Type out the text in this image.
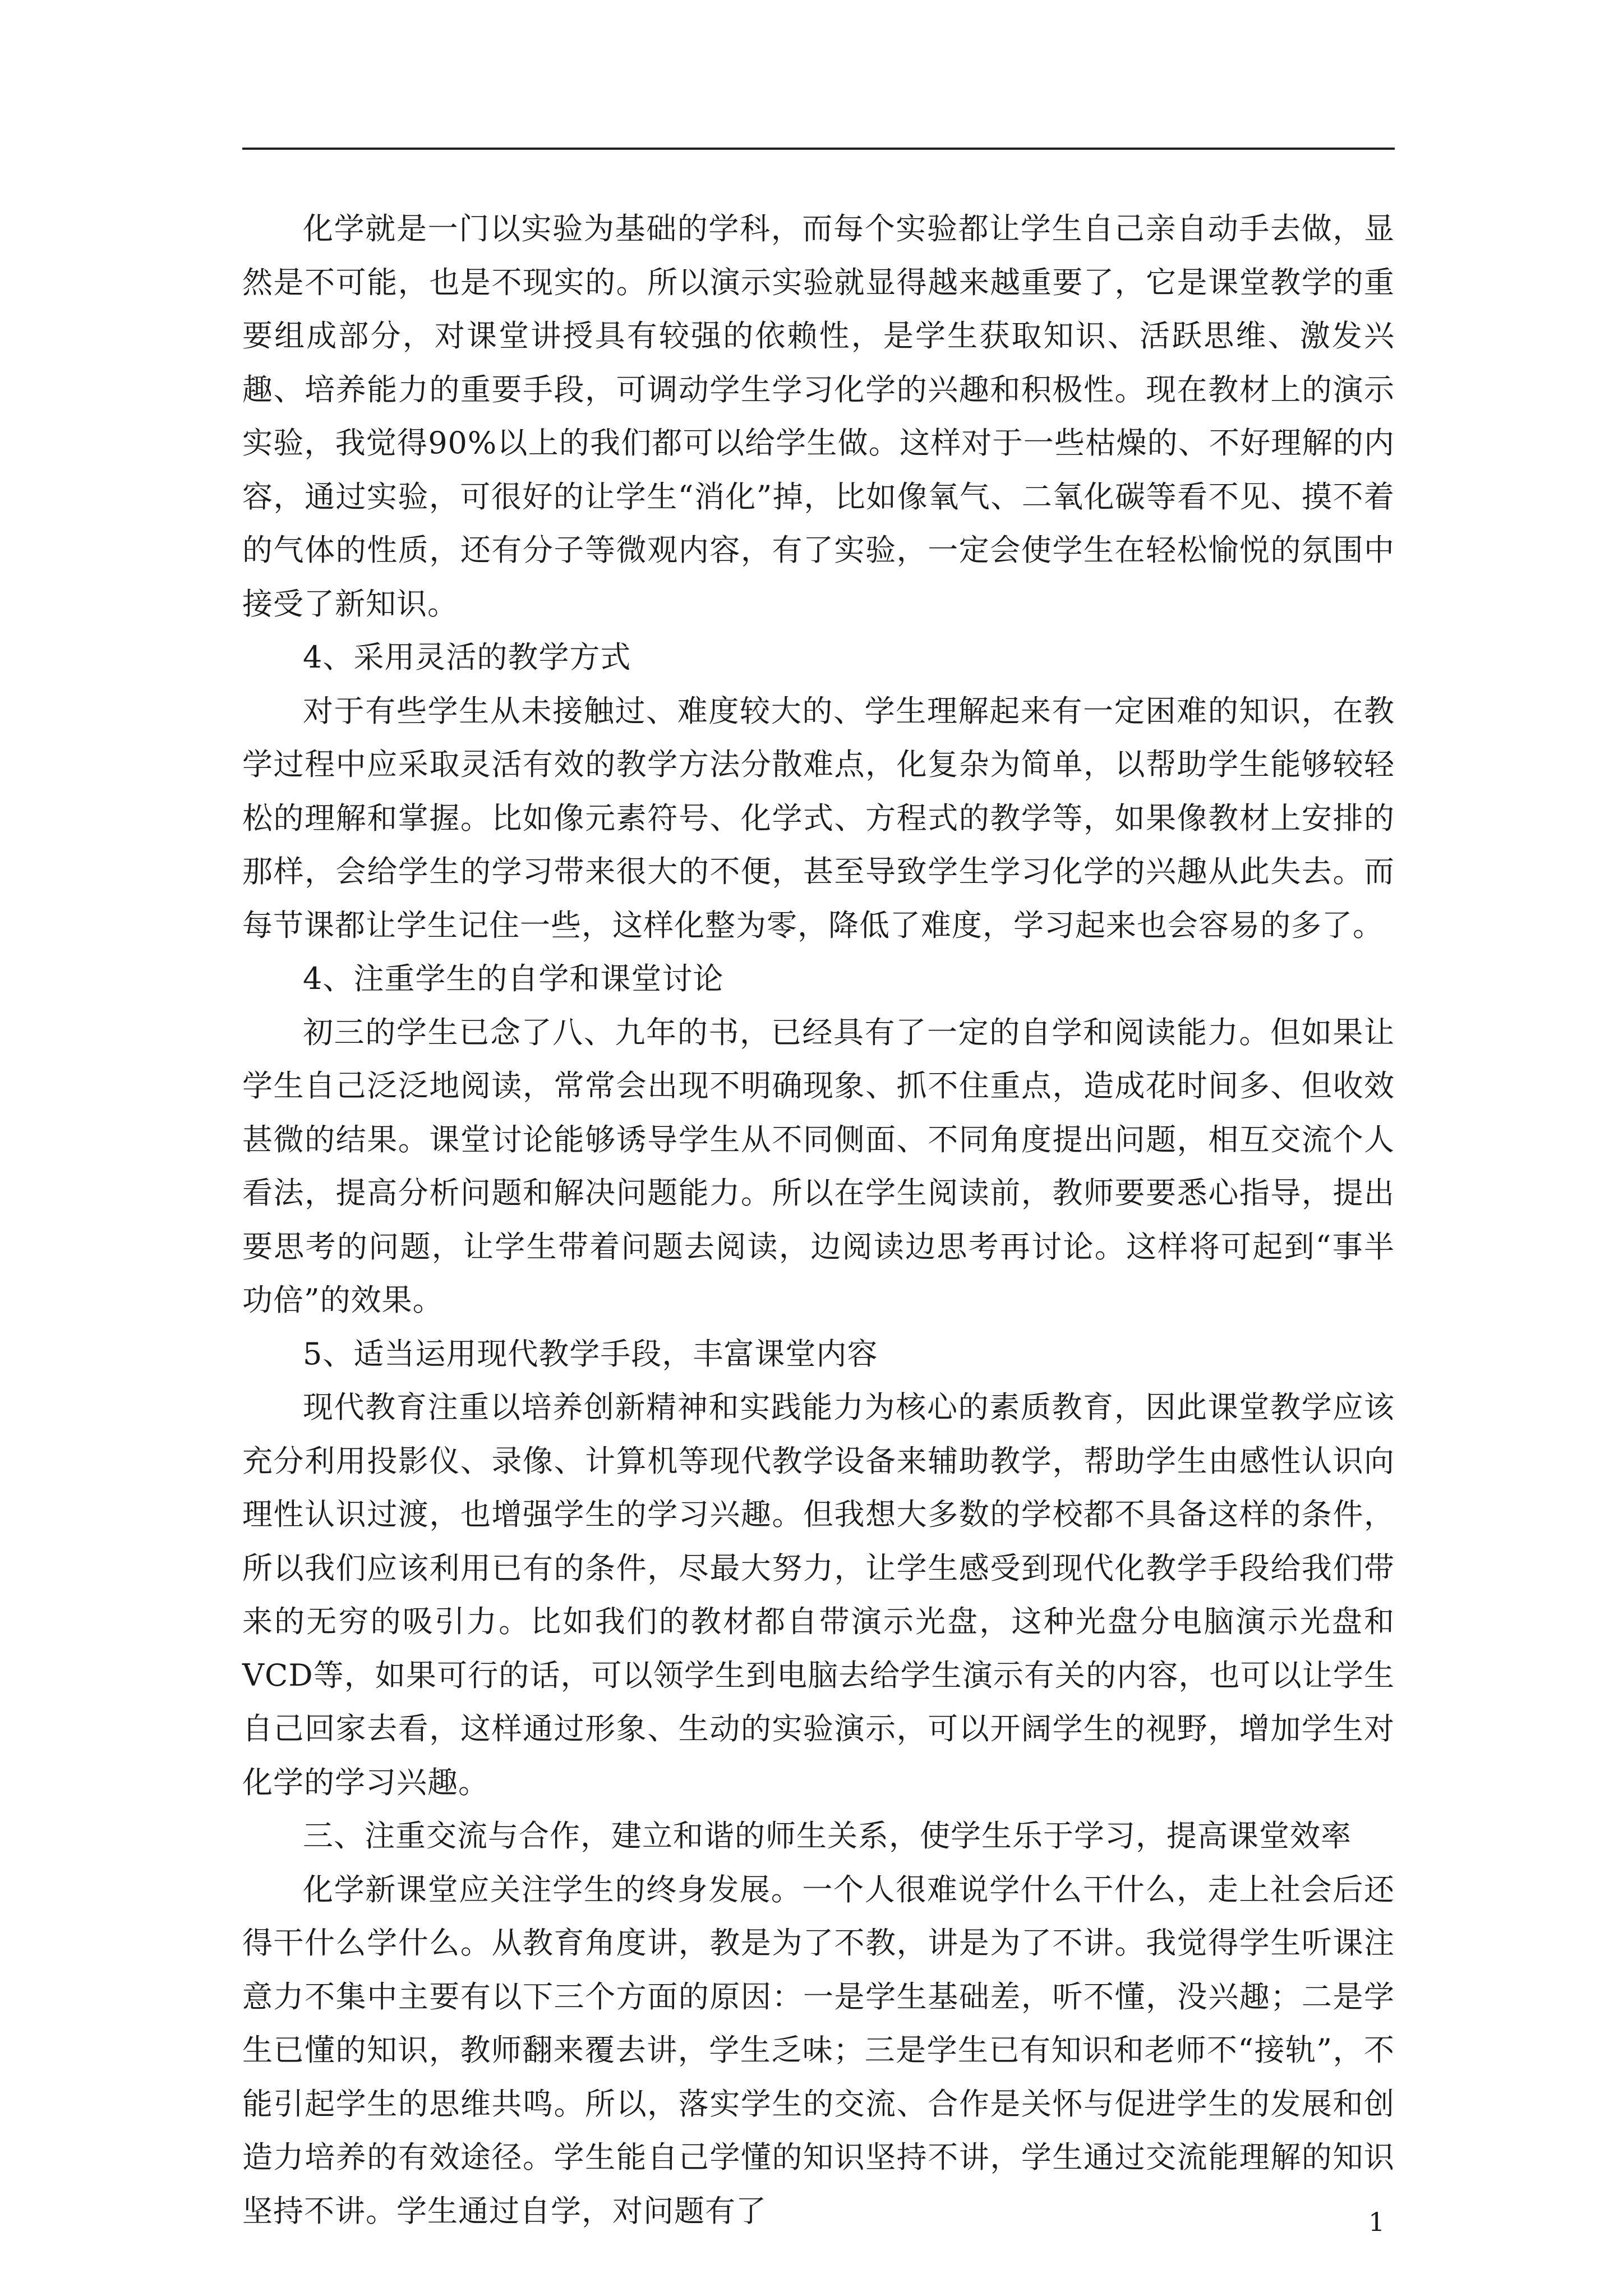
化学就是一门以实验为基础的学科，而每个实验都让学生自己亲自动手去做，显然是不可能，也是不现实的。所以演示实验就显得越来越重要了，它是课堂教学的重要组成部分，对课堂讲授具有较强的依赖性，是学生获取知识、活跃思维、激发兴趣、培养能力的重要手段，可调动学生学习化学的兴趣和积极性。现在教材上的演示实验，我觉得90%以上的我们都可以给学生做。这样对于一些枯燥的、不好理解的内容，通过实验，可很好的让学生“消化”掉，比如像氧气、二氧化碳等看不见、摸不着的气体的性质，还有分子等微观内容，有了实验，一定会使学生在轻松愉悦的氛围中接受了新知识。

4、采用灵活的教学方式

对于有些学生从未接触过、难度较大的、学生理解起来有一定困难的知识，在教学过程中应采取灵活有效的教学方法分散难点，化复杂为简单，以帮助学生能够较轻松的理解和掌握。比如像元素符号、化学式、方程式的教学等，如果像教材上安排的那样，会给学生的学习带来很大的不便，甚至导致学生学习化学的兴趣从此失去。而每节课都让学生记住一些，这样化整为零，降低了难度，学习起来也会容易的多了。

4、注重学生的自学和课堂讨论

初三的学生已念了八、九年的书，已经具有了一定的自学和阅读能力。但如果让学生自己泛泛地阅读，常常会出现不明确现象、抓不住重点，造成花时间多、但收效甚微的结果。课堂讨论能够诱导学生从不同侧面、不同角度提出问题，相互交流个人看法，提高分析问题和解决问题能力。所以在学生阅读前，教师要要悉心指导，提出要思考的问题，让学生带着问题去阅读，边阅读边思考再讨论。这样将可起到“事半功倍”的效果。

5、适当运用现代教学手段，丰富课堂内容

现代教育注重以培养创新精神和实践能力为核心的素质教育，因此课堂教学应该充分利用投影仪、录像、计算机等现代教学设备来辅助教学，帮助学生由感性认识向理性认识过渡，也增强学生的学习兴趣。但我想大多数的学校都不具备这样的条件，所以我们应该利用已有的条件，尽最大努力，让学生感受到现代化教学手段给我们带来的无穷的吸引力。比如我们的教材都自带演示光盘，这种光盘分电脑演示光盘和VCD等，如果可行的话，可以领学生到电脑去给学生演示有关的内容，也可以让学生自己回家去看，这样通过形象、生动的实验演示，可以开阔学生的视野，增加学生对化学的学习兴趣。

三、注重交流与合作，建立和谐的师生关系，使学生乐于学习，提高课堂效率

化学新课堂应关注学生的终身发展。一个人很难说学什么干什么，走上社会后还得干什么学什么。从教育角度讲，教是为了不教，讲是为了不讲。我觉得学生听课注意力不集中主要有以下三个方面的原因：一是学生基础差，听不懂，没兴趣；二是学生已懂的知识，教师翻来覆去讲，学生乏味；三是学生已有知识和老师不“接轨”，不能引起学生的思维共鸣。所以，落实学生的交流、合作是关怀与促进学生的发展和创造力培养的有效途径。学生能自己学懂的知识坚持不讲，学生通过交流能理解的知识坚持不讲。学生通过自学，对问题有了	1
